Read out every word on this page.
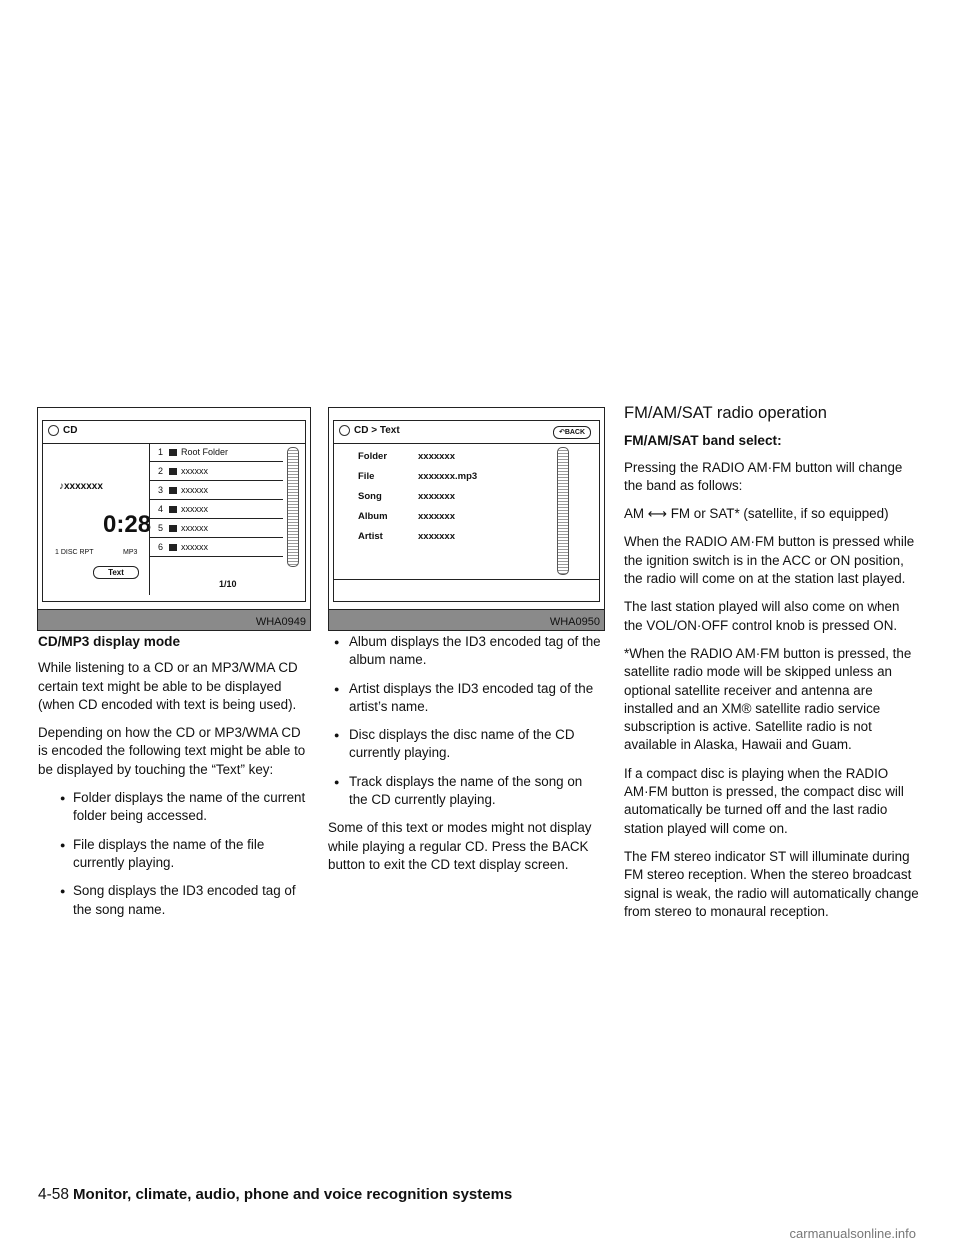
CD
♪xxxxxxx
0:28
1 DISC RPT	MP3
Text
1 Root Folder
2 xxxxxx
3 xxxxxx
4 xxxxxx
5 xxxxxx
6 xxxxxx
1/10
WHA0949
CD > Text	↶BACK
Folder	xxxxxxx
File	xxxxxxx.mp3
Song	xxxxxxx
Album	xxxxxxx
Artist	xxxxxxx
WHA0950
CD/MP3 display mode

While listening to a CD or an MP3/WMA CD certain text might be able to be displayed (when CD encoded with text is being used).

Depending on how the CD or MP3/WMA CD is encoded the following text might be able to be displayed by touching the “Text” key:

● Folder displays the name of the current folder being accessed.
● File displays the name of the file currently playing.
● Song displays the ID3 encoded tag of the song name.
● Album displays the ID3 encoded tag of the album name.
● Artist displays the ID3 encoded tag of the artist’s name.
● Disc displays the disc name of the CD currently playing.
● Track displays the name of the song on the CD currently playing.

Some of this text or modes might not display while playing a regular CD. Press the BACK button to exit the CD text display screen.

FM/AM/SAT radio operation
FM/AM/SAT band select:

Pressing the RADIO AM·FM button will change the band as follows:

AM ⟷ FM or SAT* (satellite, if so equipped)

When the RADIO AM·FM button is pressed while the ignition switch is in the ACC or ON position, the radio will come on at the station last played.

The last station played will also come on when the VOL/ON·OFF control knob is pressed ON.

*When the RADIO AM·FM button is pressed, the satellite radio mode will be skipped unless an optional satellite receiver and antenna are installed and an XM® satellite radio service subscription is active. Satellite radio is not available in Alaska, Hawaii and Guam.

If a compact disc is playing when the RADIO AM·FM button is pressed, the compact disc will automatically be turned off and the last radio station played will come on.

The FM stereo indicator ST will illuminate during FM stereo reception. When the stereo broadcast signal is weak, the radio will automatically change from stereo to monaural reception.

4-58 Monitor, climate, audio, phone and voice recognition systems
carmanualsonline.info
